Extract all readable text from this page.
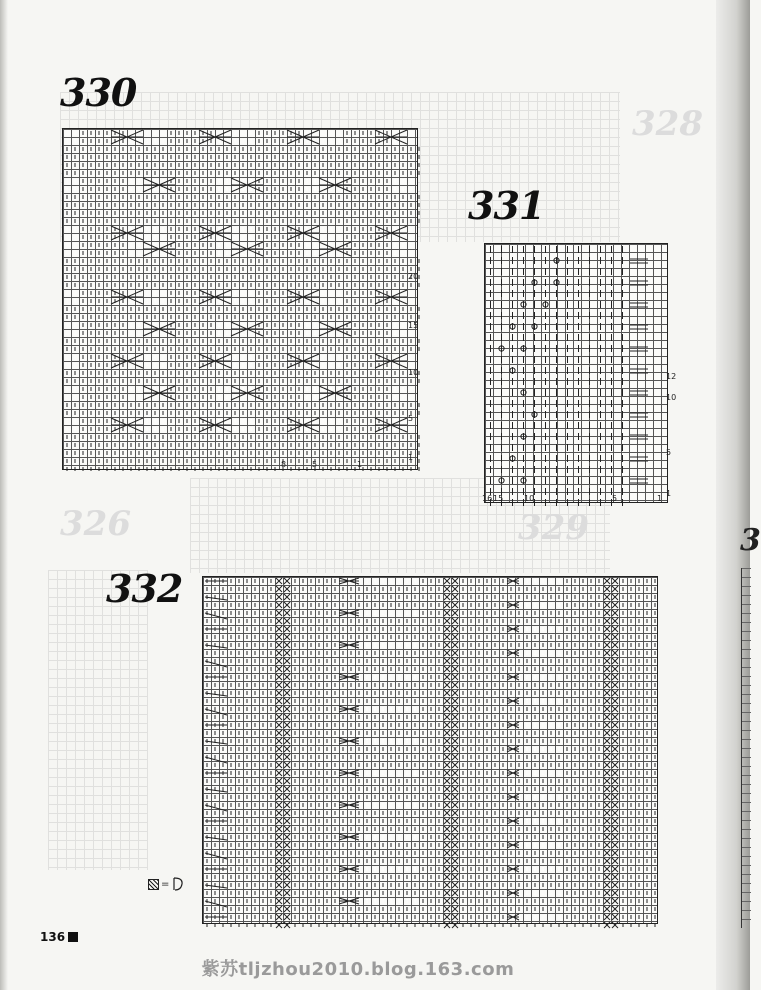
328
326	329
330
20
15
10
5
1
8	5	1
331
12
10
5
1
16 15	10	5	1
332
=
3
136
紫苏tljzhou2010.blog.163.com
